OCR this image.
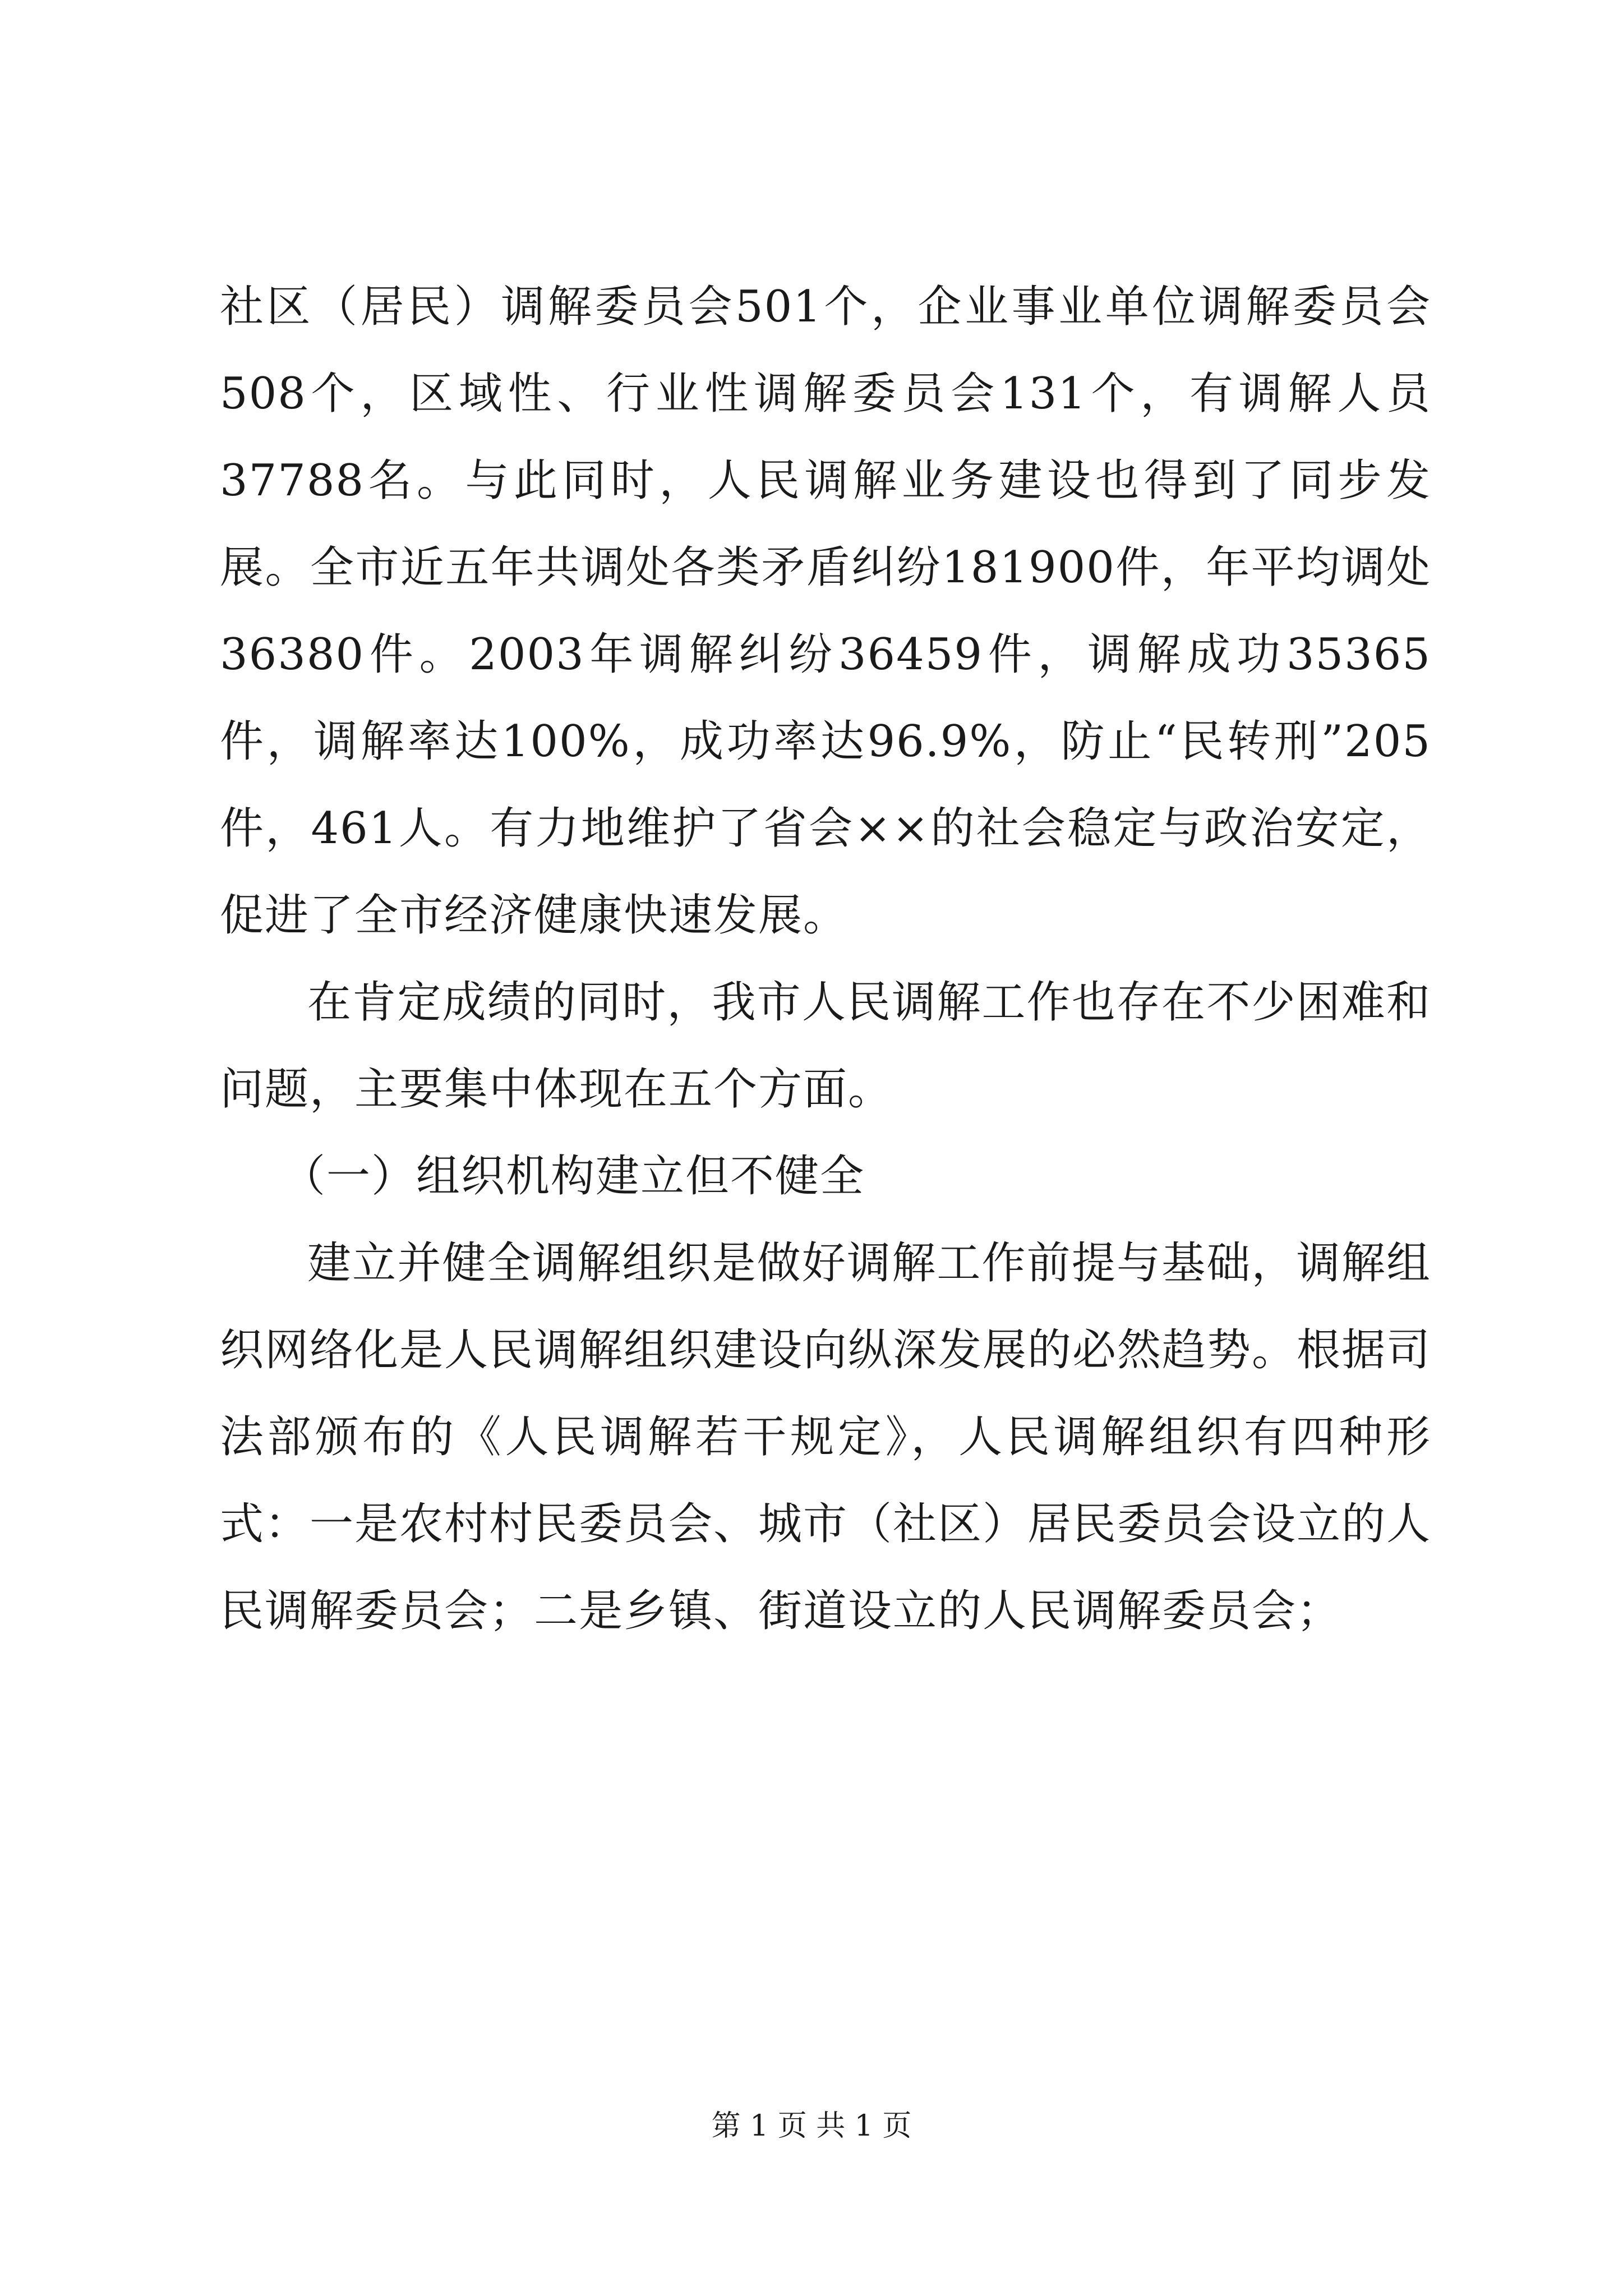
社区（居民）调解委员会501个，企业事业单位调解委员会508个，区域性、行业性调解委员会131个，有调解人员37788名。与此同时，人民调解业务建设也得到了同步发展。全市近五年共调处各类矛盾纠纷181900件，年平均调处36380件。2003年调解纠纷36459件，调解成功35365件，调解率达100%，成功率达96.9%，防止“民转刑”205件，461人。有力地维护了省会××的社会稳定与政治安定，促进了全市经济健康快速发展。

在肯定成绩的同时，我市人民调解工作也存在不少困难和问题，主要集中体现在五个方面。

（一）组织机构建立但不健全

建立并健全调解组织是做好调解工作前提与基础，调解组织网络化是人民调解组织建设向纵深发展的必然趋势。根据司法部颁布的《人民调解若干规定》，人民调解组织有四种形式：一是农村村民委员会、城市（社区）居民委员会设立的人民调解委员会；二是乡镇、街道设立的人民调解委员会；

第 1 页 共 1 页
